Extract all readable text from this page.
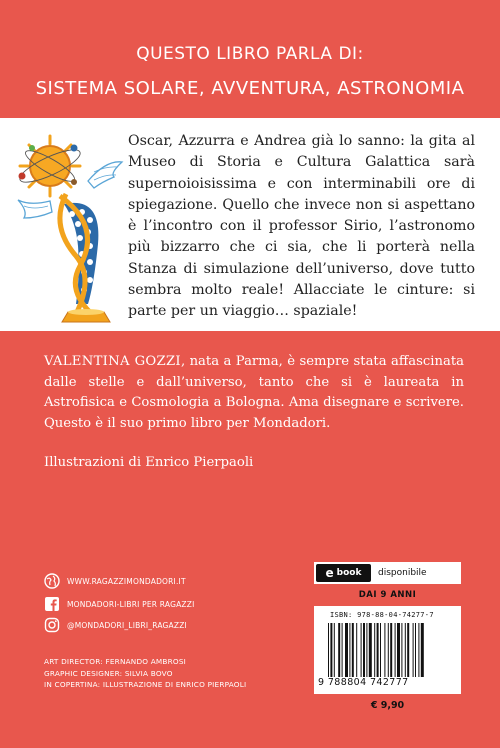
QUESTO LIBRO PARLA DI:
SISTEMA SOLARE, AVVENTURA, ASTRONOMIA

Oscar, Azzurra e Andrea già lo sanno: la gita al Museo di Storia e Cultura Galattica sarà supernoioisissima e con interminabili ore di spiegazione. Quello che invece non si aspettano è l’incontro con il professor Sirio, l’astronomo più bizzarro che ci sia, che li porterà nella Stanza di simulazione dell’universo, dove tutto sembra molto reale! Allacciate le cinture: si parte per un viaggio… spaziale!

VALENTINA GOZZI, nata a Parma, è sempre stata affascinata dalle stelle e dall’universo, tanto che si è laureata in Astrofisica e Cosmologia a Bologna. Ama disegnare e scrivere. Questo è il suo primo libro per Mondadori.

Illustrazioni di Enrico Pierpaoli

WWW.RAGAZZIMONDADORI.IT
MONDADORI-LIBRI PER RAGAZZI
@MONDADORI_LIBRI_RAGAZZI
ART DIRECTOR: FERNANDO AMBROSI
GRAPHIC DESIGNER: SILVIA BOVO
IN COPERTINA: ILLUSTRAZIONE DI ENRICO PIERPAOLI
e book disponibile
DAI 9 ANNI
ISBN: 978-88-04-74277-7
9 788804 742777
€ 9,90
